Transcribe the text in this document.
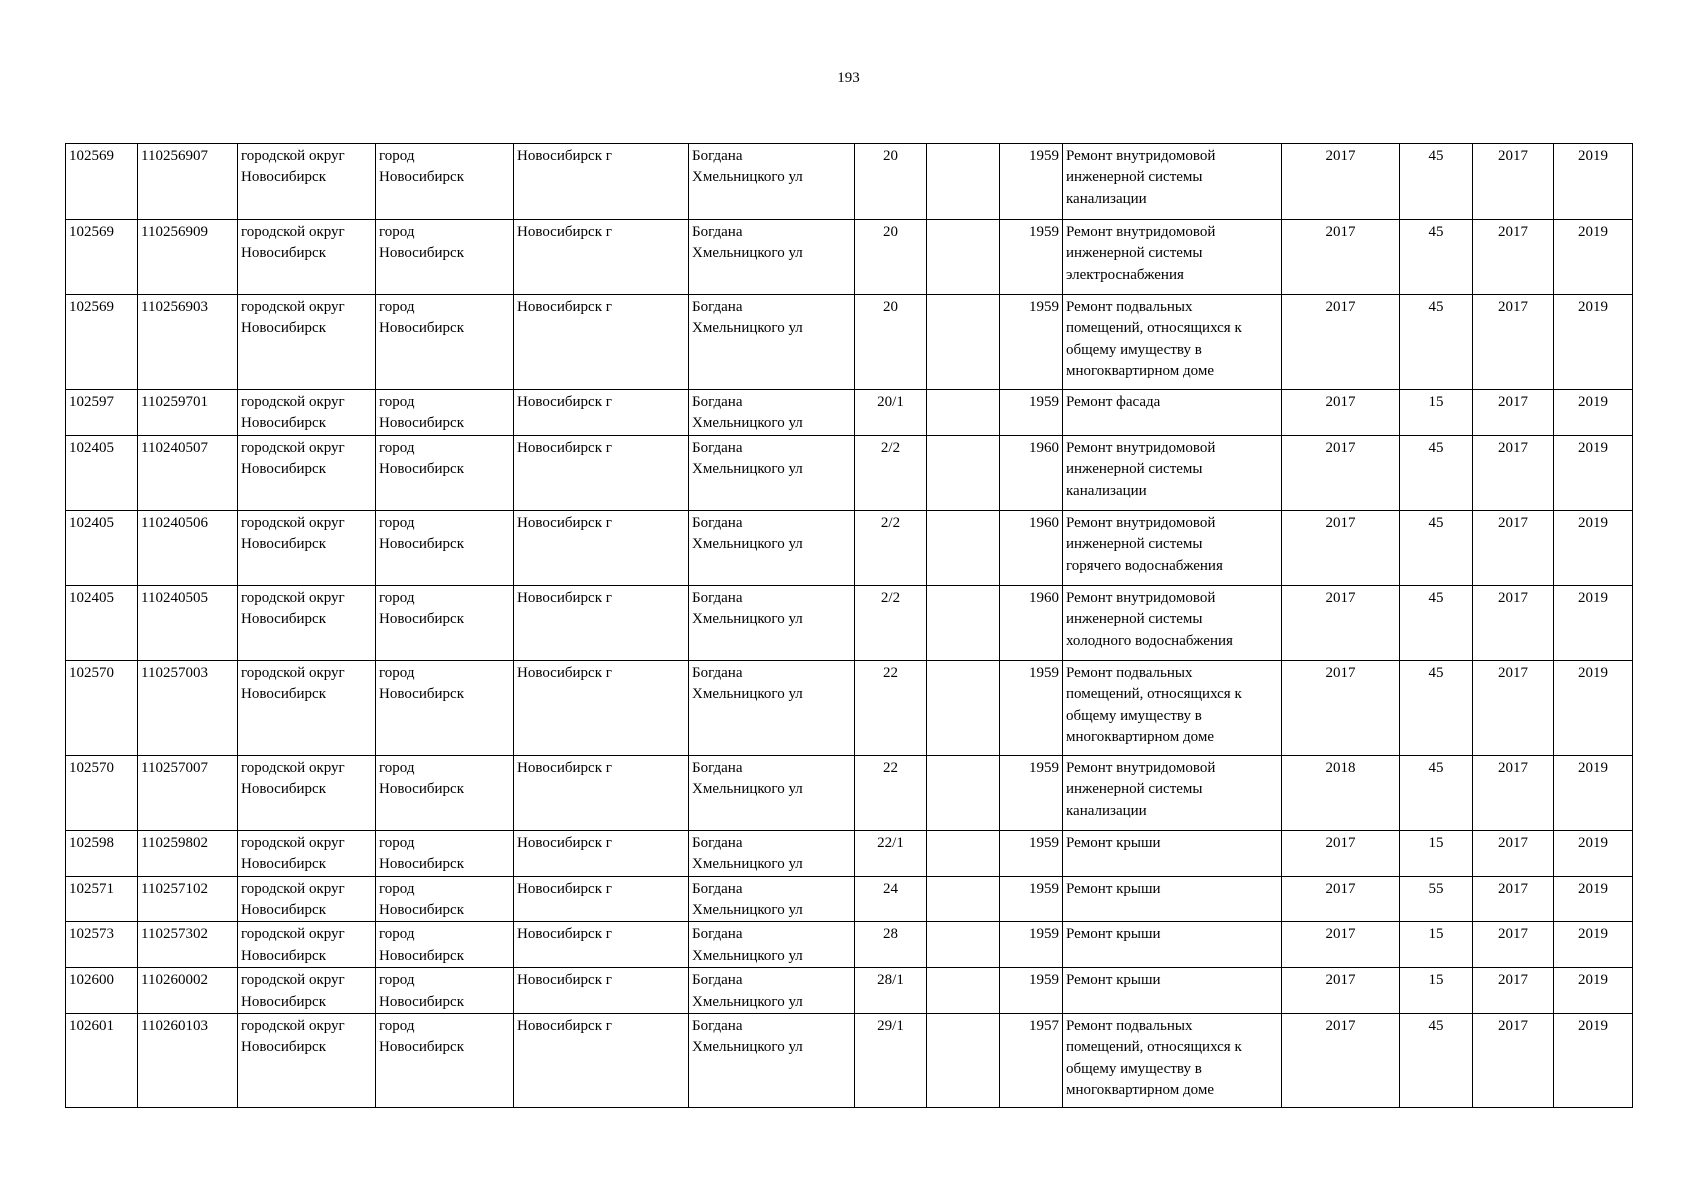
193
102569	110256907	городской округ
Новосибирск	город
Новосибирск	Новосибирск г	Богдана
Хмельницкого ул	20		1959	Ремонт внутридомовой
инженерной системы
канализации	2017	45	2017	2019
102569	110256909	городской округ
Новосибирск	город
Новосибирск	Новосибирск г	Богдана
Хмельницкого ул	20		1959	Ремонт внутридомовой
инженерной системы
электроснабжения	2017	45	2017	2019
102569	110256903	городской округ
Новосибирск	город
Новосибирск	Новосибирск г	Богдана
Хмельницкого ул	20		1959	Ремонт подвальных
помещений, относящихся к
общему имуществу в
многоквартирном доме	2017	45	2017	2019
102597	110259701	городской округ
Новосибирск	город
Новосибирск	Новосибирск г	Богдана
Хмельницкого ул	20/1		1959	Ремонт фасада	2017	15	2017	2019
102405	110240507	городской округ
Новосибирск	город
Новосибирск	Новосибирск г	Богдана
Хмельницкого ул	2/2		1960	Ремонт внутридомовой
инженерной системы
канализации	2017	45	2017	2019
102405	110240506	городской округ
Новосибирск	город
Новосибирск	Новосибирск г	Богдана
Хмельницкого ул	2/2		1960	Ремонт внутридомовой
инженерной системы
горячего водоснабжения	2017	45	2017	2019
102405	110240505	городской округ
Новосибирск	город
Новосибирск	Новосибирск г	Богдана
Хмельницкого ул	2/2		1960	Ремонт внутридомовой
инженерной системы
холодного водоснабжения	2017	45	2017	2019
102570	110257003	городской округ
Новосибирск	город
Новосибирск	Новосибирск г	Богдана
Хмельницкого ул	22		1959	Ремонт подвальных
помещений, относящихся к
общему имуществу в
многоквартирном доме	2017	45	2017	2019
102570	110257007	городской округ
Новосибирск	город
Новосибирск	Новосибирск г	Богдана
Хмельницкого ул	22		1959	Ремонт внутридомовой
инженерной системы
канализации	2018	45	2017	2019
102598	110259802	городской округ
Новосибирск	город
Новосибирск	Новосибирск г	Богдана
Хмельницкого ул	22/1		1959	Ремонт крыши	2017	15	2017	2019
102571	110257102	городской округ
Новосибирск	город
Новосибирск	Новосибирск г	Богдана
Хмельницкого ул	24		1959	Ремонт крыши	2017	55	2017	2019
102573	110257302	городской округ
Новосибирск	город
Новосибирск	Новосибирск г	Богдана
Хмельницкого ул	28		1959	Ремонт крыши	2017	15	2017	2019
102600	110260002	городской округ
Новосибирск	город
Новосибирск	Новосибирск г	Богдана
Хмельницкого ул	28/1		1959	Ремонт крыши	2017	15	2017	2019
102601	110260103	городской округ
Новосибирск	город
Новосибирск	Новосибирск г	Богдана
Хмельницкого ул	29/1		1957	Ремонт подвальных
помещений, относящихся к
общему имуществу в
многоквартирном доме	2017	45	2017	2019
